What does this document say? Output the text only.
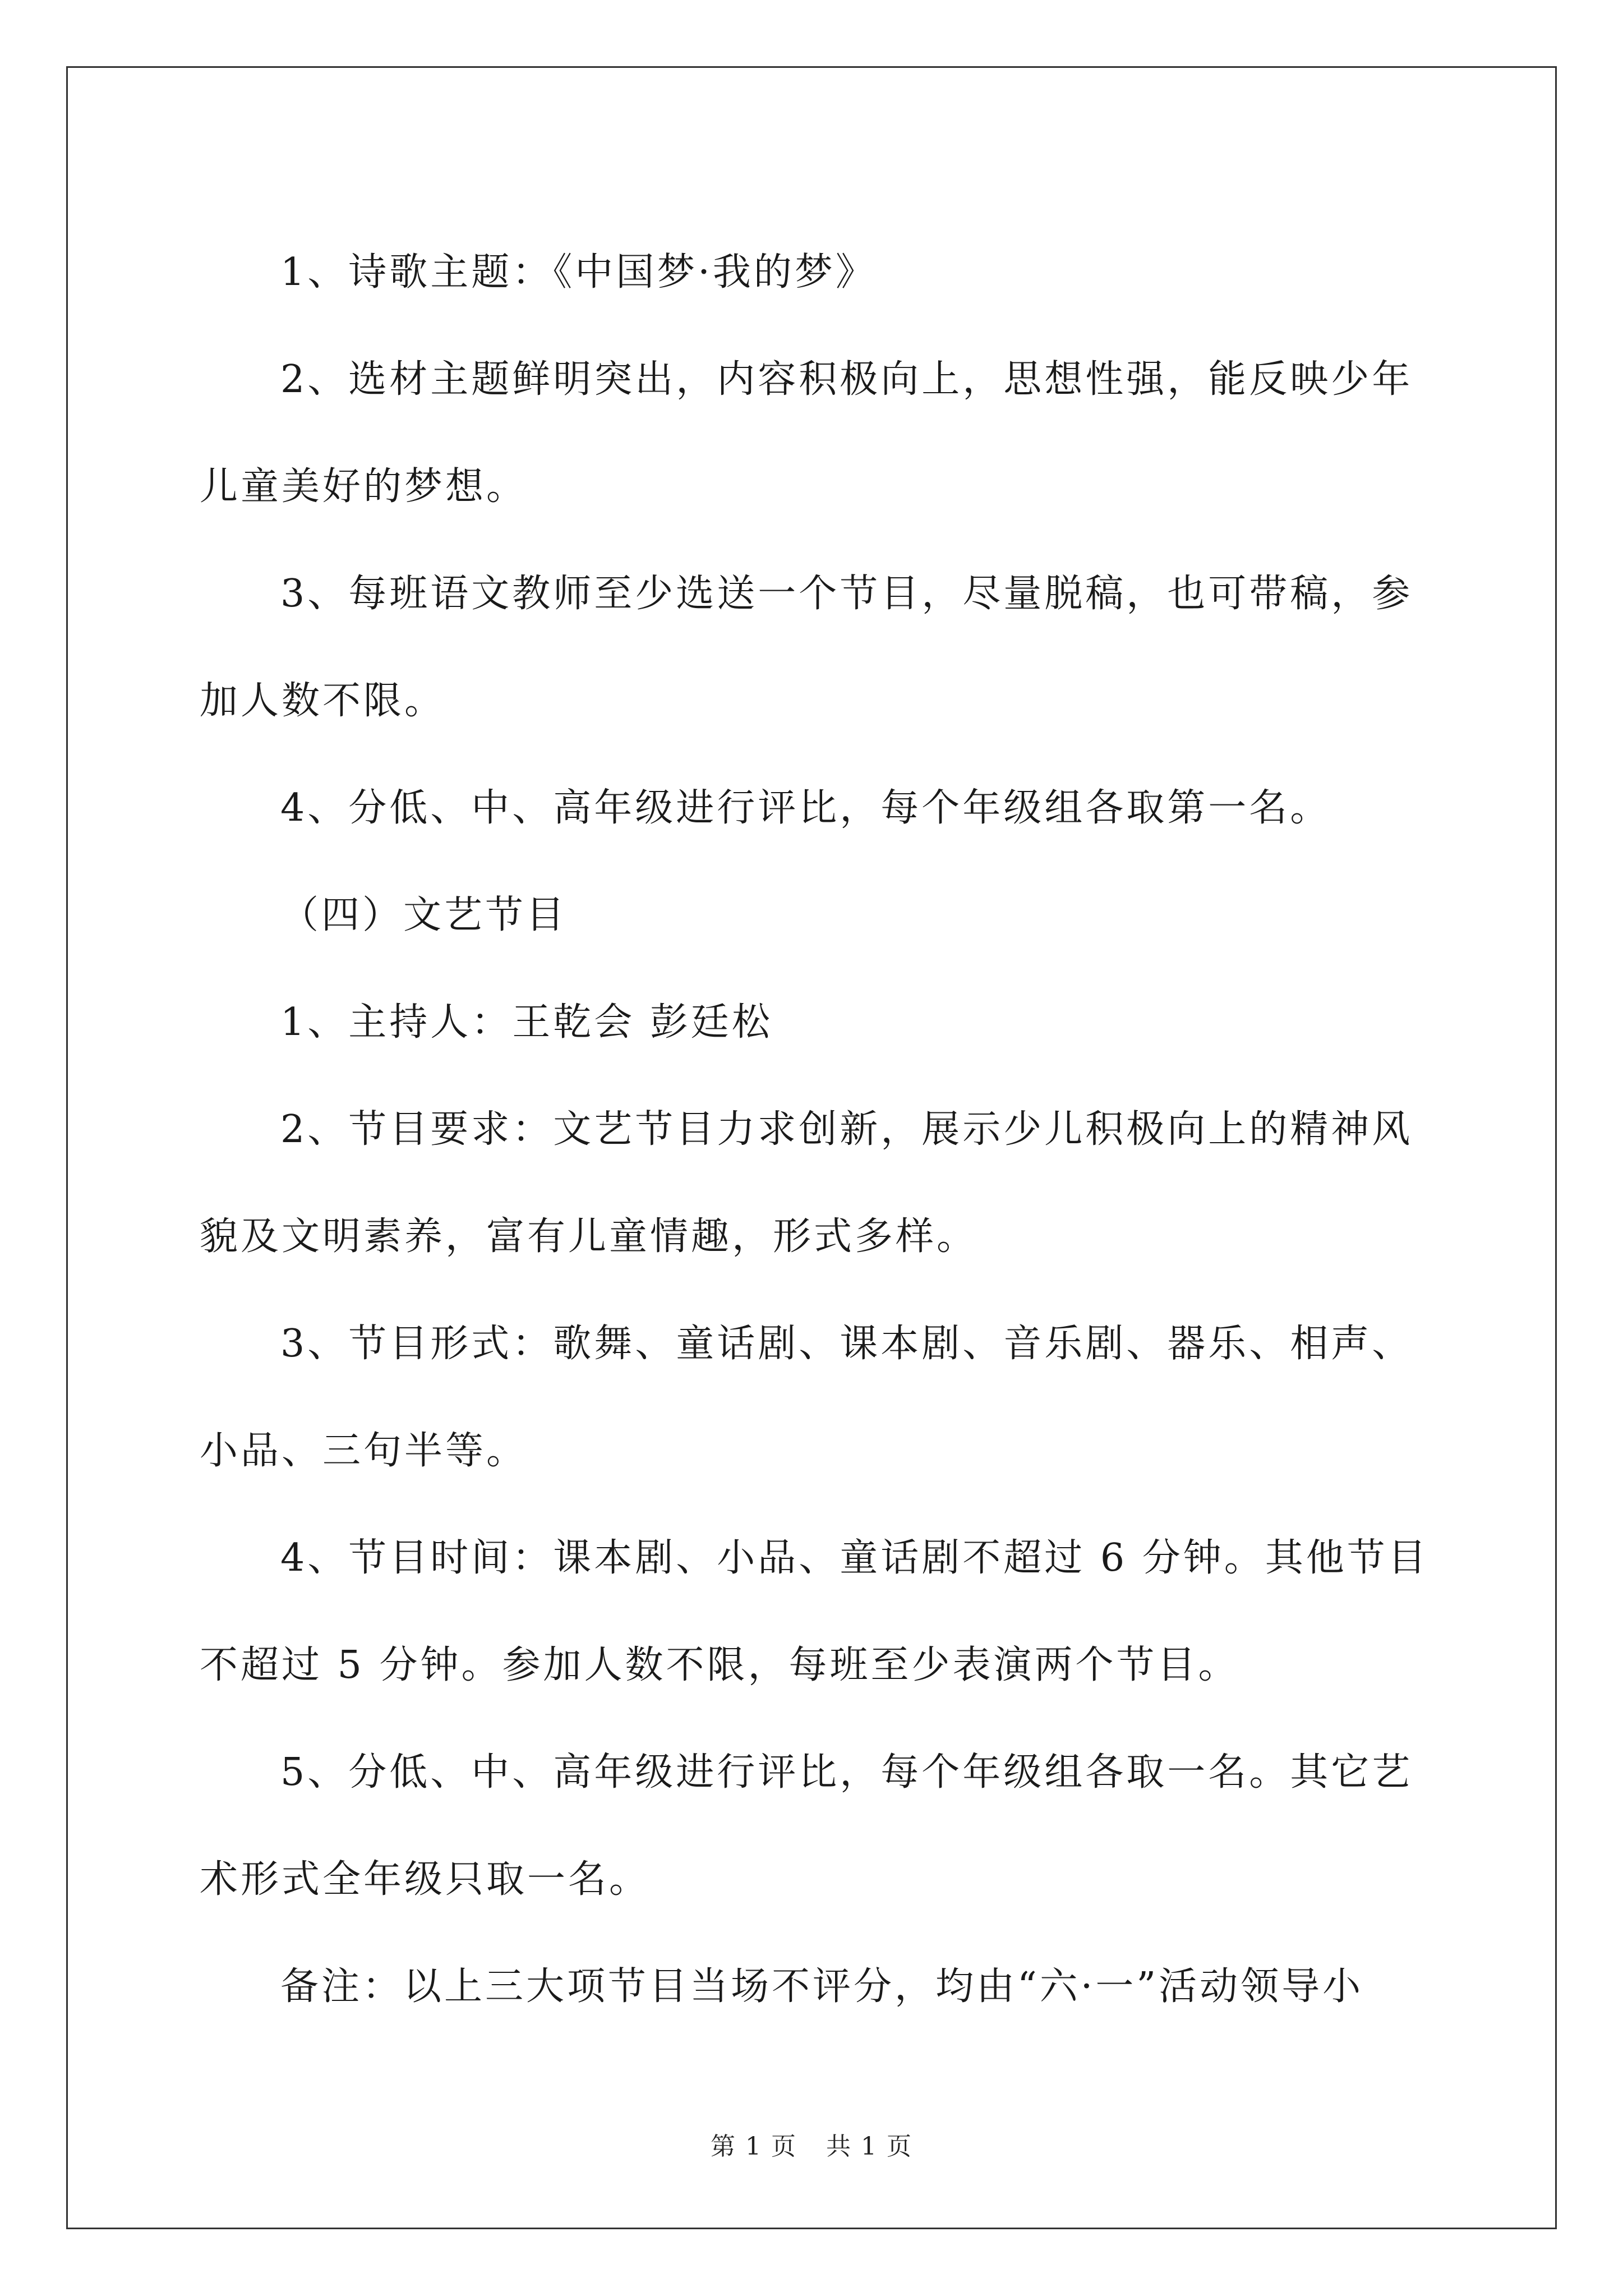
1、诗歌主题：《中国梦·我的梦》

2、选材主题鲜明突出，内容积极向上，思想性强，能反映少年儿童美好的梦想。

3、每班语文教师至少选送一个节目，尽量脱稿，也可带稿，参加人数不限。

4、分低、中、高年级进行评比，每个年级组各取第一名。

（四）文艺节目

1、主持人：王乾会 彭廷松

2、节目要求：文艺节目力求创新，展示少儿积极向上的精神风貌及文明素养，富有儿童情趣，形式多样。

3、节目形式：歌舞、童话剧、课本剧、音乐剧、器乐、相声、小品、三句半等。

4、节目时间：课本剧、小品、童话剧不超过 6 分钟。其他节目不超过 5 分钟。参加人数不限，每班至少表演两个节目。

5、分低、中、高年级进行评比，每个年级组各取一名。其它艺术形式全年级只取一名。

备注：以上三大项节目当场不评分，均由“六·一”活动领导小

第 1 页 共 1 页
